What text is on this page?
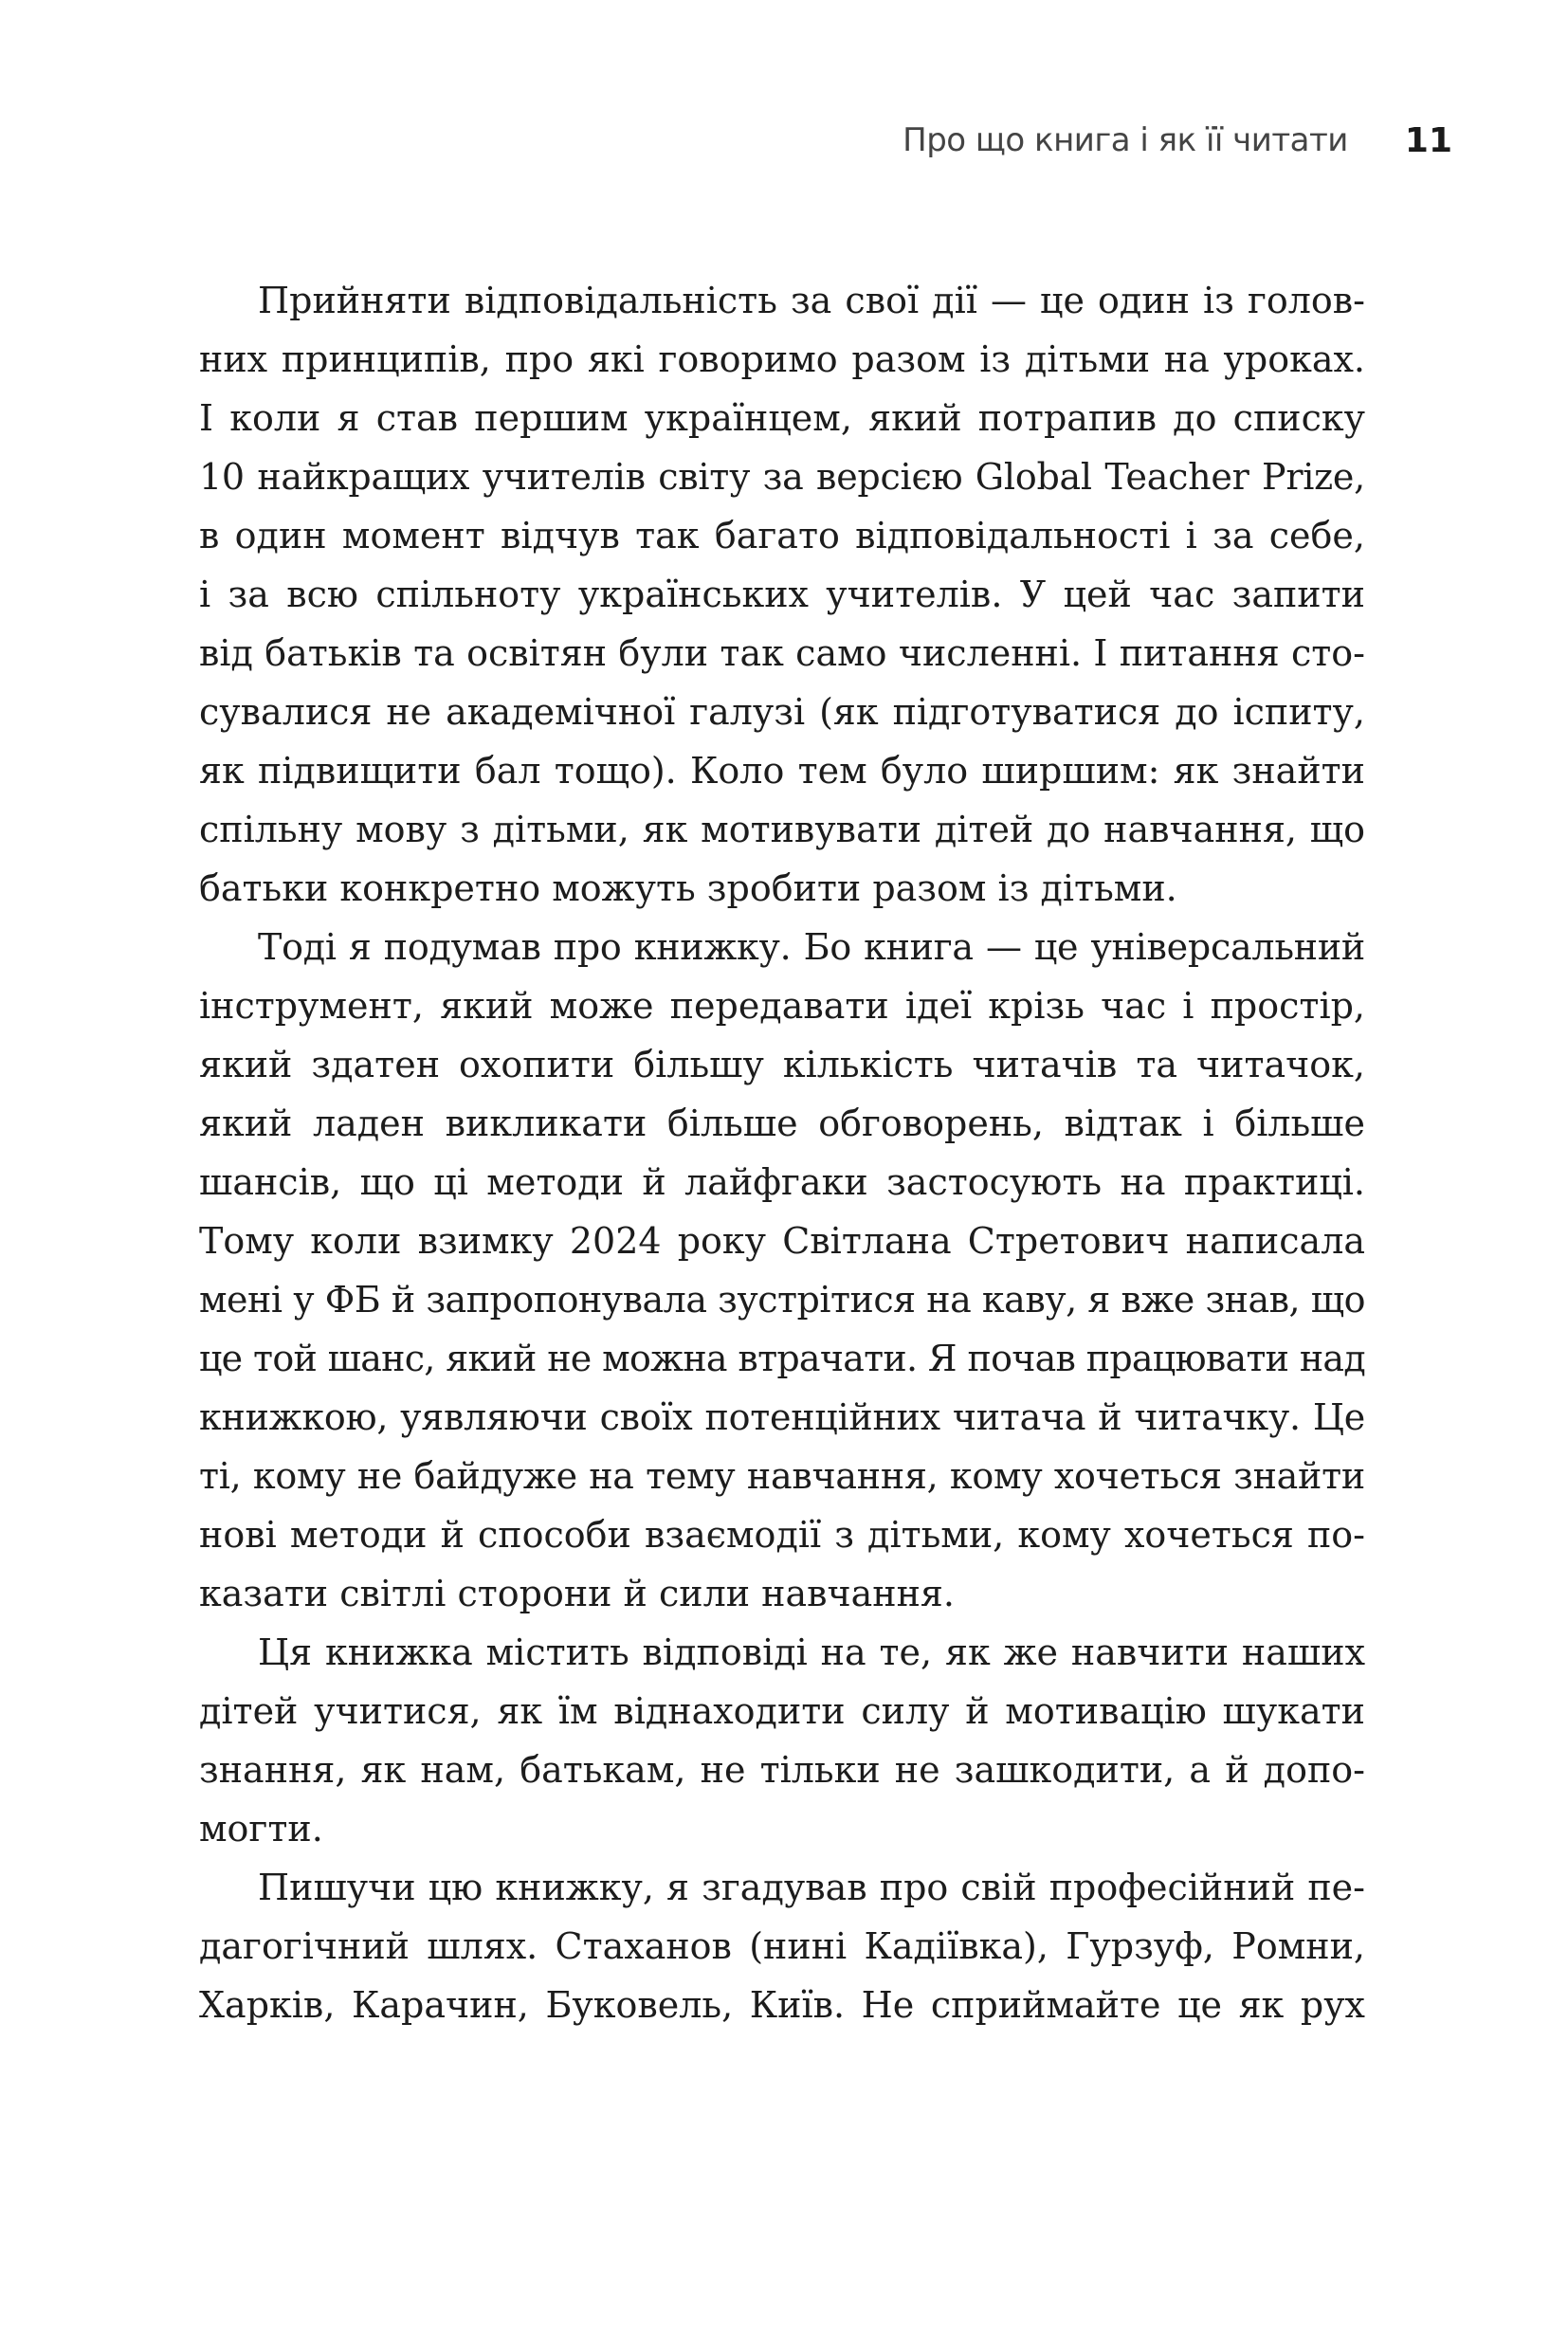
Про що книга і як її читати 11
Прийняти відповідальність за свої дії — це один із голов-
них принципів, про які говоримо разом із дітьми на уроках.
І коли я став першим українцем, який потрапив до списку
10 найкращих учителів світу за версією Global Teacher Prize,
в один момент відчув так багато відповідальності і за себе,
і за всю спільноту українських учителів. У цей час запити
від батьків та освітян були так само численні. І питання сто-
сувалися не академічної галузі (як підготуватися до іспиту,
як підвищити бал тощо). Коло тем було ширшим: як знайти
спільну мову з дітьми, як мотивувати дітей до навчання, що
батьки конкретно можуть зробити разом із дітьми.
Тоді я подумав про книжку. Бо книга — це універсальний
інструмент, який може передавати ідеї крізь час і простір,
який здатен охопити більшу кількість читачів та читачок,
який ладен викликати більше обговорень, відтак і більше
шансів, що ці методи й лайфгаки застосують на практиці.
Тому коли взимку 2024 року Світлана Стретович написала
мені у ФБ й запропонувала зустрітися на каву, я вже знав, що
це той шанс, який не можна втрачати. Я почав працювати над
книжкою, уявляючи своїх потенційних читача й читачку. Це
ті, кому не байдуже на тему навчання, кому хочеться знайти
нові методи й способи взаємодії з дітьми, кому хочеться по-
казати світлі сторони й сили навчання.
Ця книжка містить відповіді на те, як же навчити наших
дітей учитися, як їм віднаходити силу й мотивацію шукати
знання, як нам, батькам, не тільки не зашкодити, а й допо-
могти.
Пишучи цю книжку, я згадував про свій професійний пе-
дагогічний шлях. Стаханов (нині Кадіївка), Гурзуф, Ромни,
Харків, Карачин, Буковель, Київ. Не сприймайте це як рух
